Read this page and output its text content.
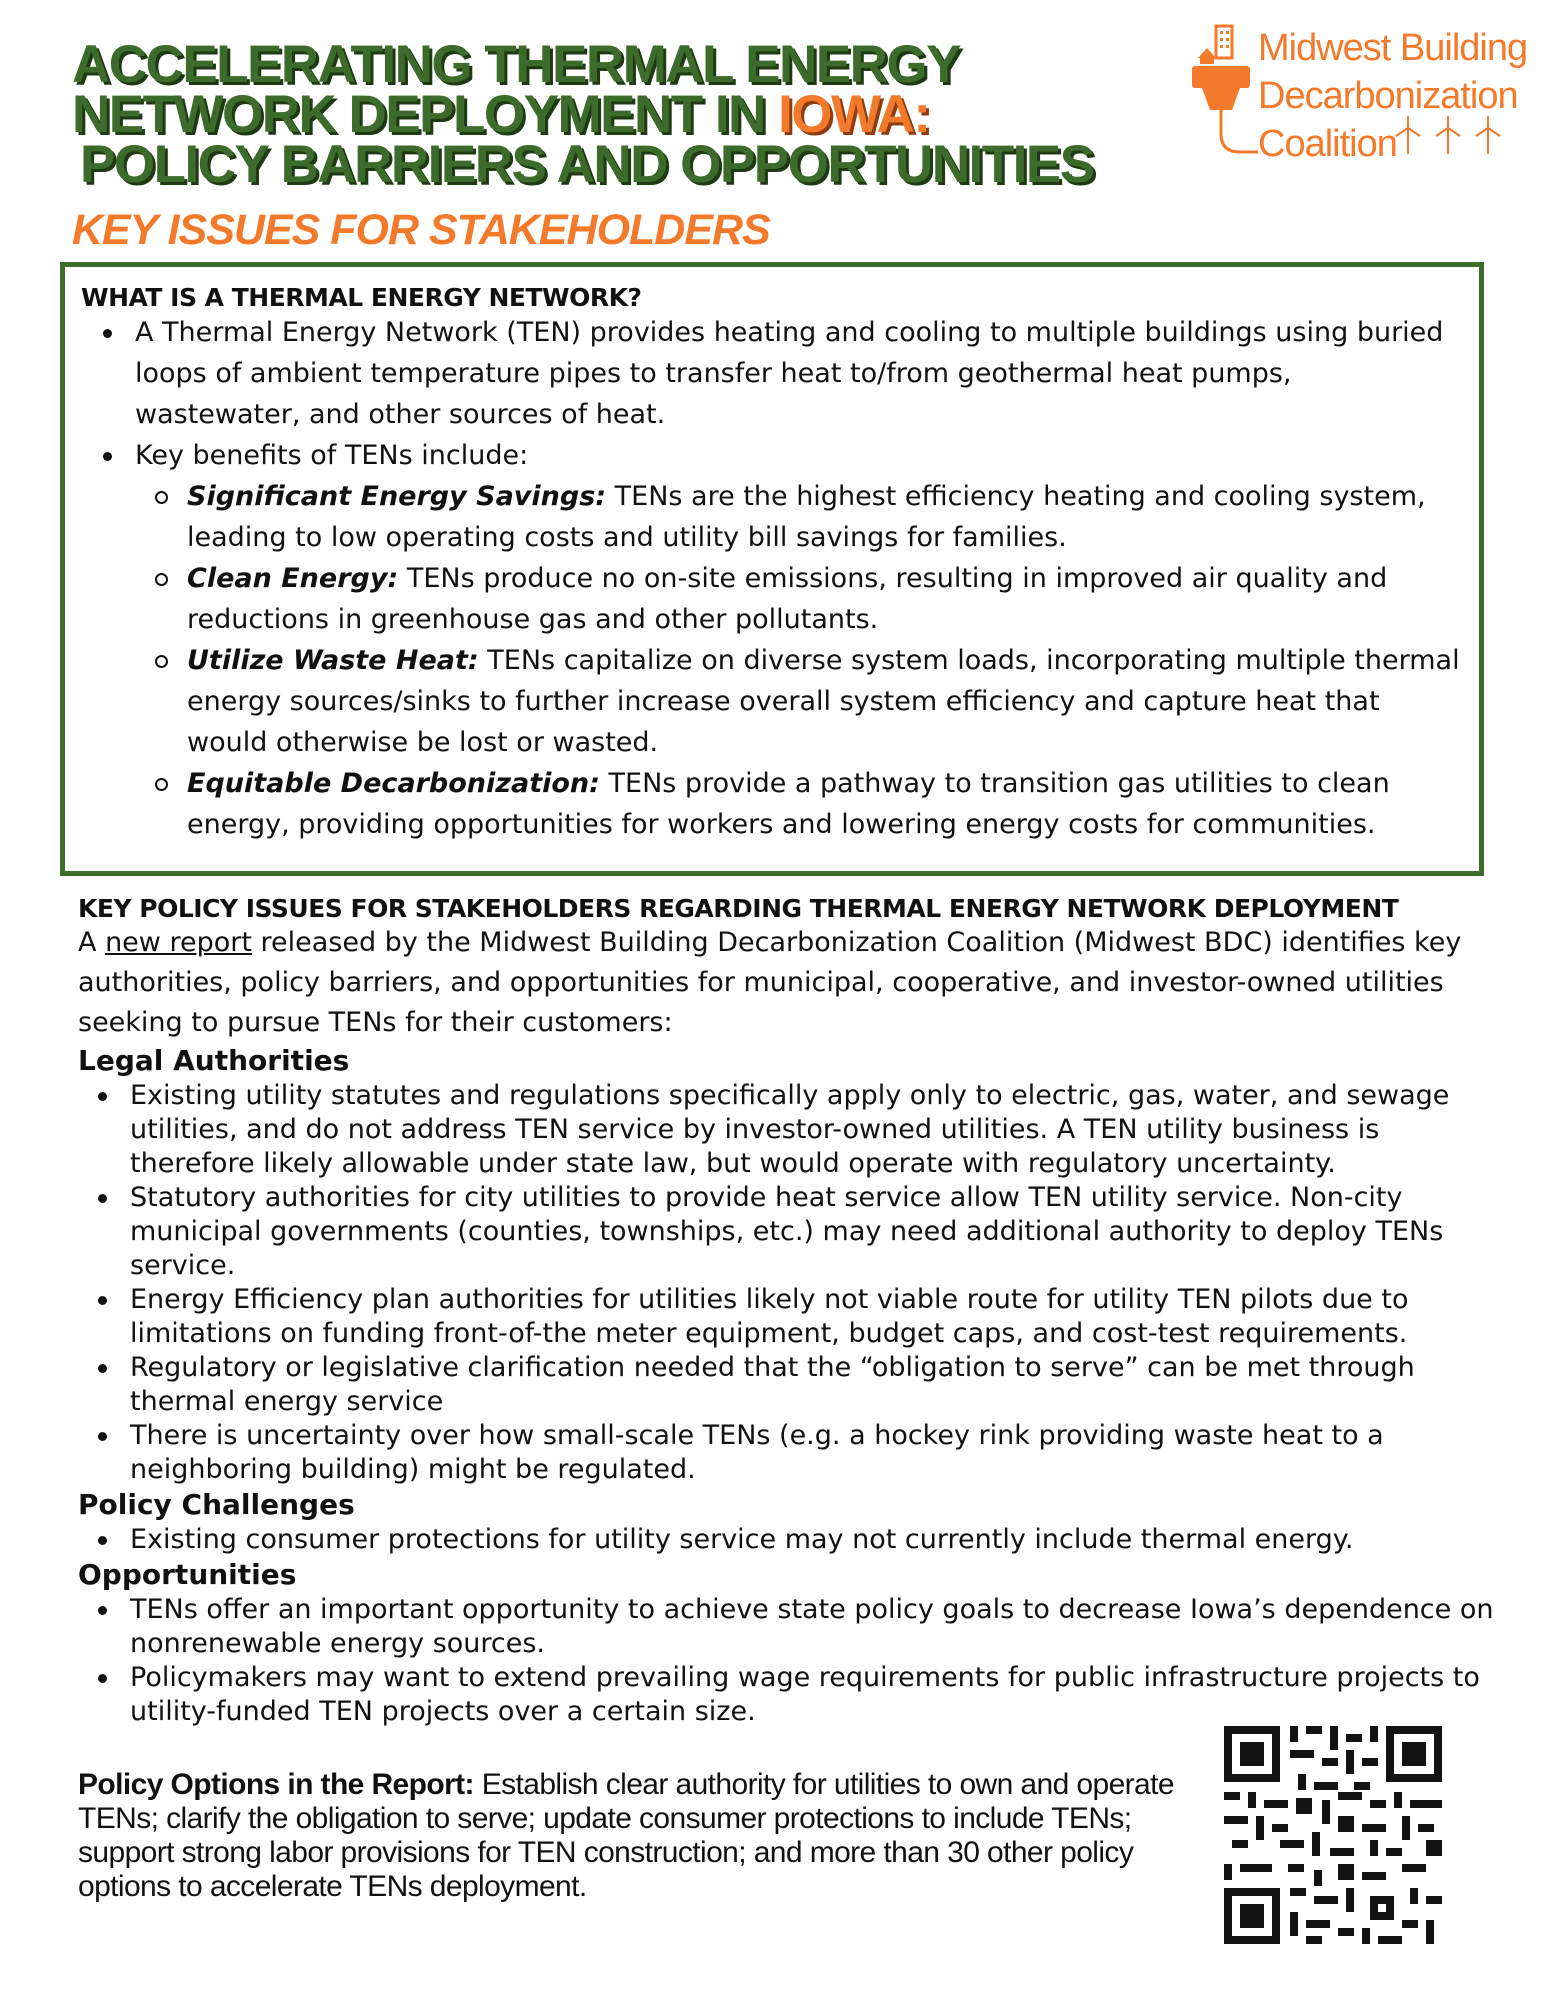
ACCELERATING THERMAL ENERGY
NETWORK DEPLOYMENT IN IOWA:
POLICY BARRIERS AND OPPORTUNITIES
KEY ISSUES FOR STAKEHOLDERS
Midwest Building
Decarbonization
Coalition
WHAT IS A THERMAL ENERGY NETWORK?
A Thermal Energy Network (TEN) provides heating and cooling to multiple buildings using buried loops of ambient temperature pipes to transfer heat to/from geothermal heat pumps, wastewater, and other sources of heat.
Key benefits of TENs include:
Significant Energy Savings: TENs are the highest efficiency heating and cooling system, leading to low operating costs and utility bill savings for families.
Clean Energy: TENs produce no on-site emissions, resulting in improved air quality and reductions in greenhouse gas and other pollutants.
Utilize Waste Heat: TENs capitalize on diverse system loads, incorporating multiple thermal energy sources/sinks to further increase overall system efficiency and capture heat that would otherwise be lost or wasted.
Equitable Decarbonization: TENs provide a pathway to transition gas utilities to clean energy, providing opportunities for workers and lowering energy costs for communities.
KEY POLICY ISSUES FOR STAKEHOLDERS REGARDING THERMAL ENERGY NETWORK DEPLOYMENT

A new report released by the Midwest Building Decarbonization Coalition (Midwest BDC) identifies key authorities, policy barriers, and opportunities for municipal, cooperative, and investor-owned utilities seeking to pursue TENs for their customers:

Legal Authorities
Existing utility statutes and regulations specifically apply only to electric, gas, water, and sewage utilities, and do not address TEN service by investor-owned utilities. A TEN utility business is therefore likely allowable under state law, but would operate with regulatory uncertainty.
Statutory authorities for city utilities to provide heat service allow TEN utility service. Non-city municipal governments (counties, townships, etc.) may need additional authority to deploy TENs service.
Energy Efficiency plan authorities for utilities likely not viable route for utility TEN pilots due to limitations on funding front-of-the meter equipment, budget caps, and cost-test requirements.
Regulatory or legislative clarification needed that the “obligation to serve” can be met through thermal energy service
There is uncertainty over how small-scale TENs (e.g. a hockey rink providing waste heat to a neighboring building) might be regulated.
Policy Challenges
Existing consumer protections for utility service may not currently include thermal energy.
Opportunities
TENs offer an important opportunity to achieve state policy goals to decrease Iowa’s dependence on nonrenewable energy sources.
Policymakers may want to extend prevailing wage requirements for public infrastructure projects to utility-funded TEN projects over a certain size.

Policy Options in the Report: Establish clear authority for utilities to own and operate TENs; clarify the obligation to serve; update consumer protections to include TENs; support strong labor provisions for TEN construction; and more than 30 other policy options to accelerate TENs deployment.
